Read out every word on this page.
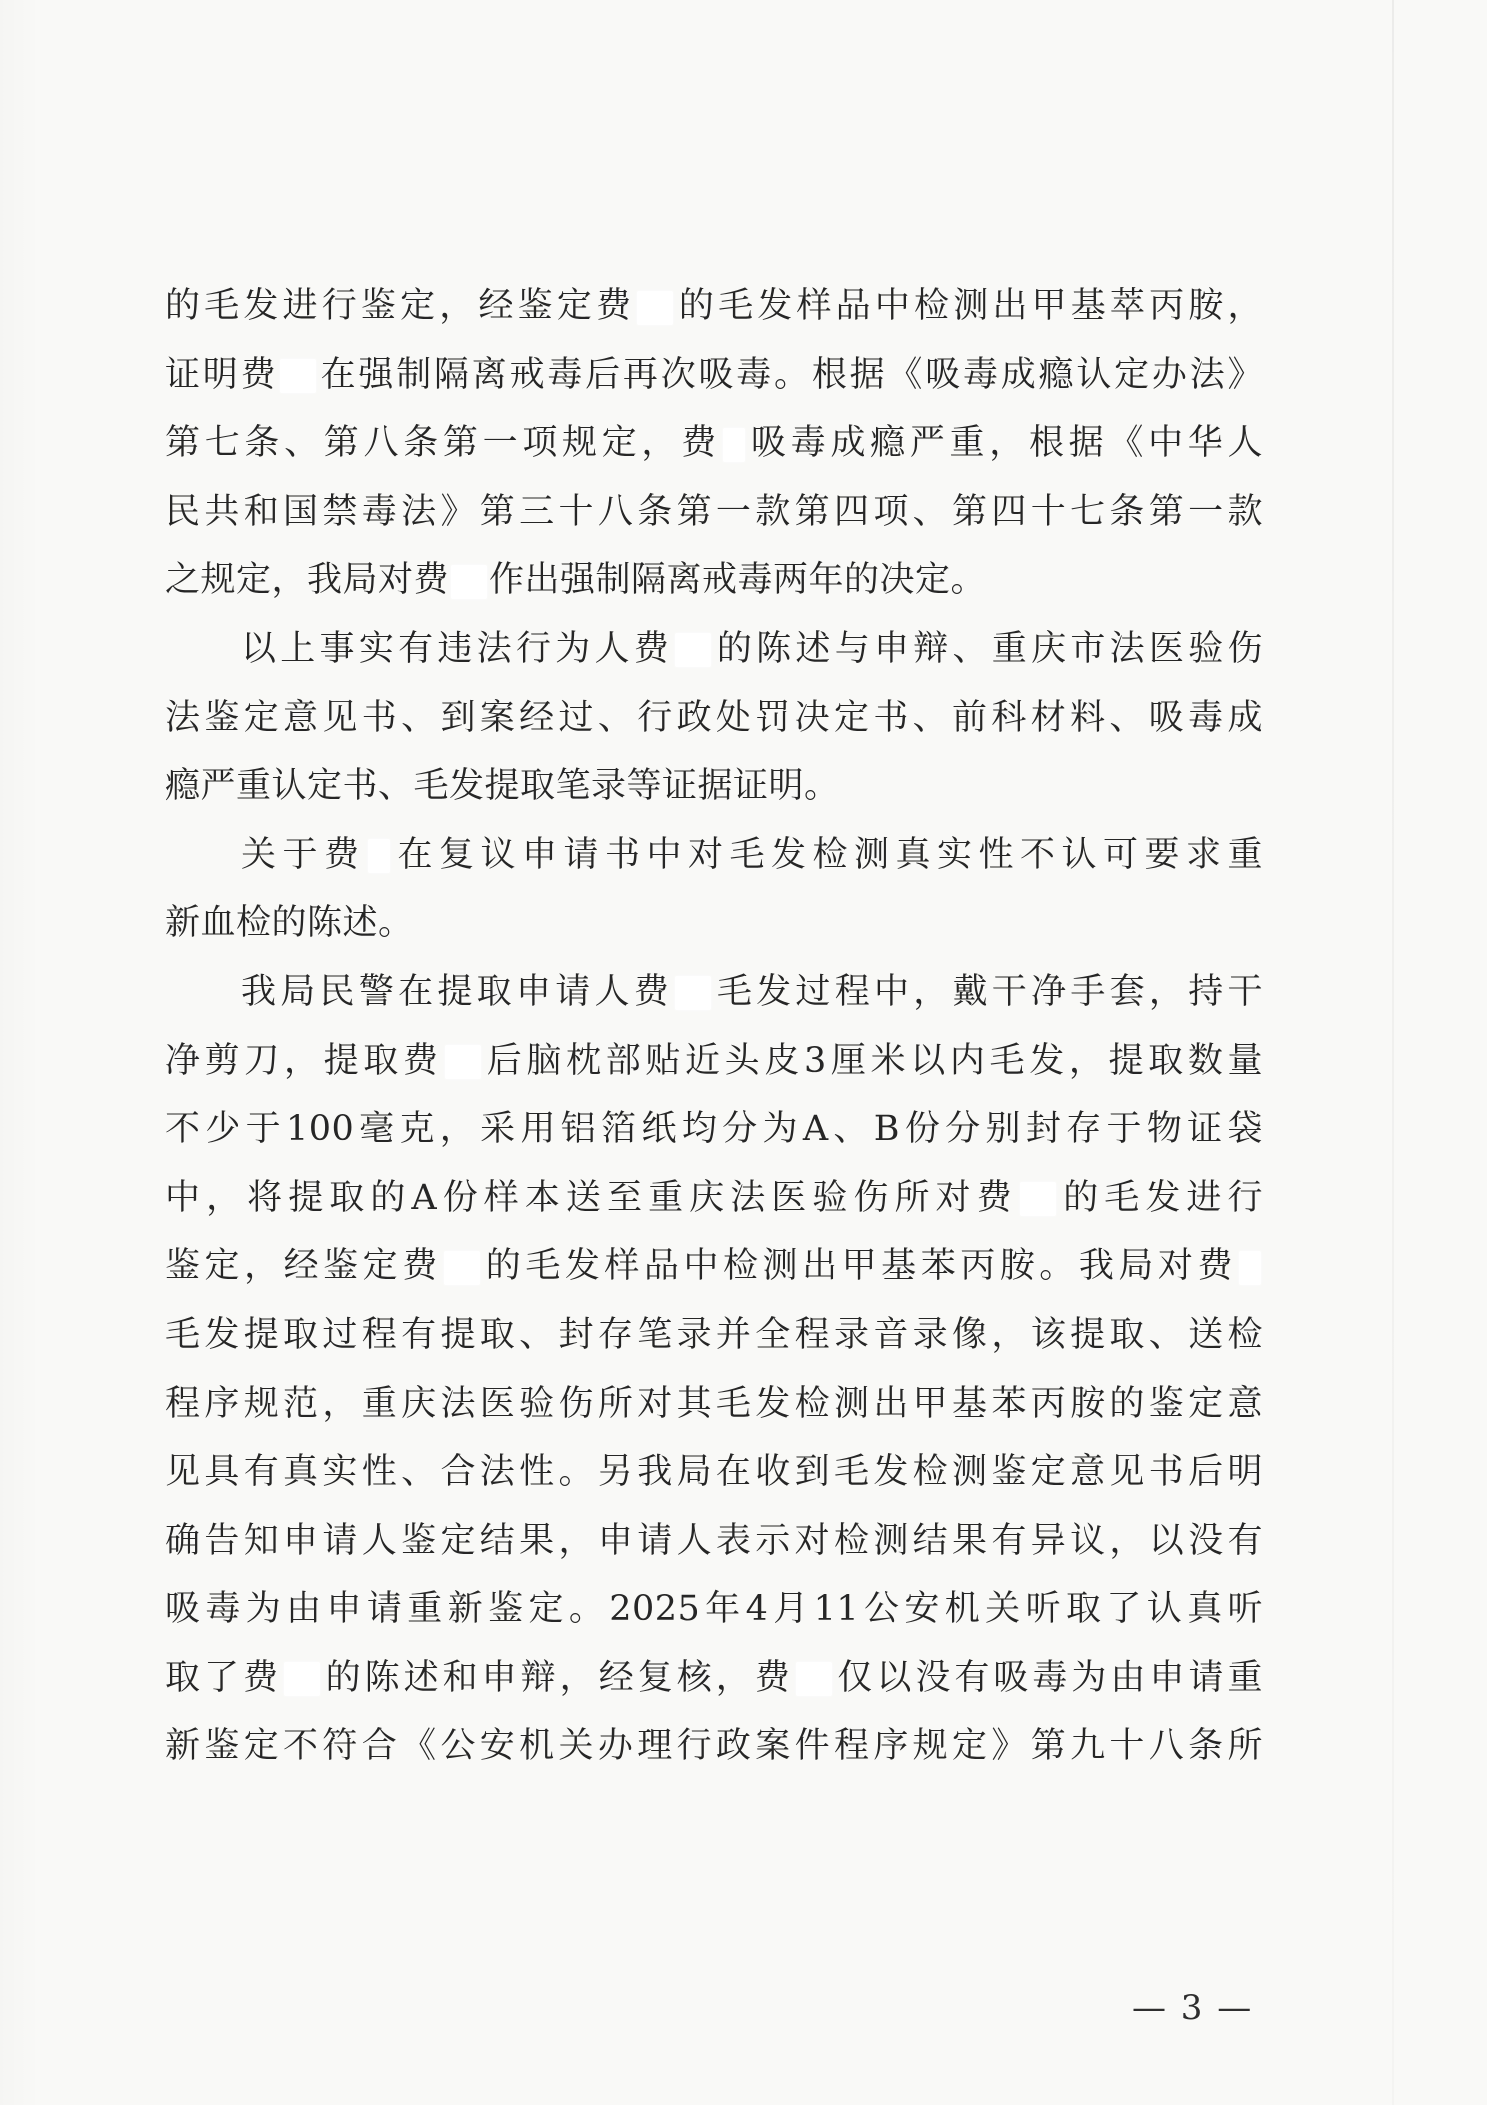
的毛发进行鉴定，经鉴定费 的毛发样品中检测出甲基萃丙胺，
证明费 在强制隔离戒毒后再次吸毒。根据《吸毒成瘾认定办法》
第七条、第八条第一项规定，费 吸毒成瘾严重，根据《中华人
民共和国禁毒法》第三十八条第一款第四项、第四十七条第一款
之规定，我局对费 作出强制隔离戒毒两年的决定。
以上事实有违法行为人费 的陈述与申辩、重庆市法医验伤
法鉴定意见书、到案经过、行政处罚决定书、前科材料、吸毒成
瘾严重认定书、毛发提取笔录等证据证明。
关于费 在复议申请书中对毛发检测真实性不认可要求重
新血检的陈述。
我局民警在提取申请人费 毛发过程中，戴干净手套，持干
净剪刀，提取费 后脑枕部贴近头皮3厘米以内毛发，提取数量
不少于100毫克，采用铝箔纸均分为A、B份分别封存于物证袋
中，将提取的A份样本送至重庆法医验伤所对费 的毛发进行
鉴定，经鉴定费 的毛发样品中检测出甲基苯丙胺。我局对费
毛发提取过程有提取、封存笔录并全程录音录像，该提取、送检
程序规范，重庆法医验伤所对其毛发检测出甲基苯丙胺的鉴定意
见具有真实性、合法性。另我局在收到毛发检测鉴定意见书后明
确告知申请人鉴定结果，申请人表示对检测结果有异议，以没有
吸毒为由申请重新鉴定。2025年4月11公安机关听取了认真听
取了费 的陈述和申辩，经复核，费 仅以没有吸毒为由申请重
新鉴定不符合《公安机关办理行政案件程序规定》第九十八条所
— 3 —
